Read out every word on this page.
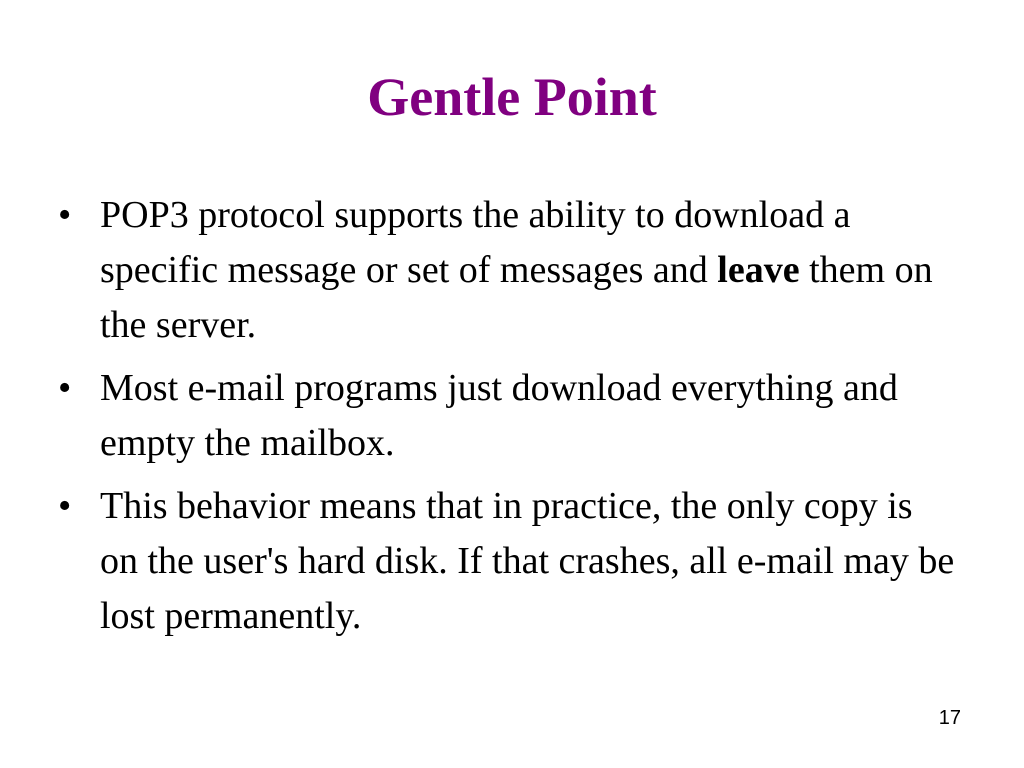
Gentle Point
• POP3 protocol supports the ability to download a specific message or set of messages and leave them on the server.
• Most e-mail programs just download everything and empty the mailbox.
• This behavior means that in practice, the only copy is on the user's hard disk. If that crashes, all e-mail may be lost permanently.
17
